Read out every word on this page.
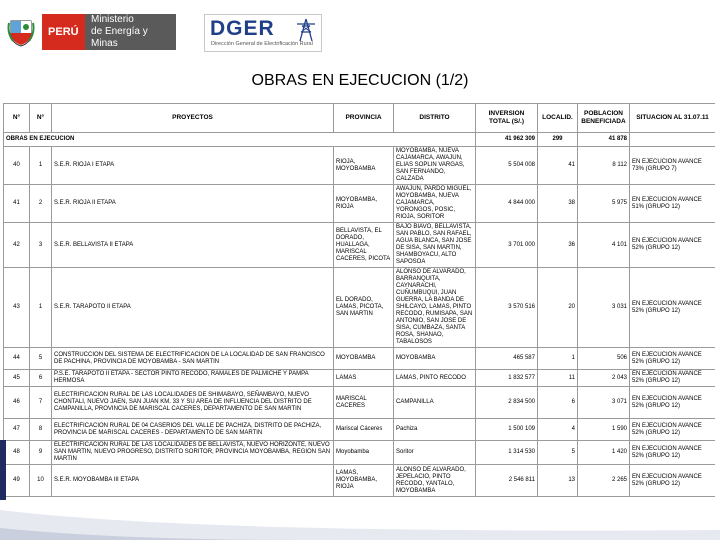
PERÚ
Ministerio
de Energía y Minas
DGER
Dirección General de Electrificación Rural
OBRAS EN EJECUCION (1/2)
N°	N°	PROYECTOS	PROVINCIA	DISTRITO	INVERSION TOTAL (S/.)	LOCALID.	POBLACION BENEFICIADA	SITUACION AL 31.07.11
OBRAS EN EJECUCION					41 962 309	299	41 878	
40	1	S.E.R. RIOJA I ETAPA	RIOJA, MOYOBAMBA	MOYOBAMBA, NUEVA CAJAMARCA, AWAJUN, ELIAS SOPLIN VARGAS, SAN FERNANDO, CALZADA	5 504 008	41	8 112	EN EJECUCION AVANCE 73% (GRUPO 7)
41	2	S.E.R. RIOJA II ETAPA	MOYOBAMBA, RIOJA	AWAJUN, PARDO MIGUEL, MOYOBAMBA, NUEVA CAJAMARCA, YORONGOS, POSIC, RIOJA, SORITOR	4 844 000	38	5 975	EN EJECUCION AVANCE 51% (GRUPO 12)
42	3	S.E.R. BELLAVISTA II ETAPA	BELLAVISTA, EL DORADO, HUALLAGA, MARISCAL CACERES, PICOTA	BAJO BIAVO, BELLAVISTA, SAN PABLO, SAN RAFAEL, AGUA BLANCA, SAN JOSE DE SISA, SAN MARTIN, SHAMBOYACU, ALTO SAPOSOA	3 701 000	36	4 101	EN EJECUCION AVANCE 52% (GRUPO 12)
43	1	S.E.R. TARAPOTO II ETAPA	EL DORADO, LAMAS, PICOTA, SAN MARTIN	ALONSO DE ALVARADO, BARRANQUITA, CAYNARACHI, CUÑUMBUQUI, JUAN GUERRA, LA BANDA DE SHILCAYO, LAMAS, PINTO RECODO, RUMISAPA, SAN ANTONIO, SAN JOSE DE SISA, CUMBAZA, SANTA ROSA, SHANAO, TABALOSOS	3 570 516	20	3 031	EN EJECUCION AVANCE 52% (GRUPO 12)
44	5	CONSTRUCCION DEL SISTEMA DE ELECTRIFICACION DE LA LOCALIDAD DE SAN FRANCISCO DE PACHINA, PROVINCIA DE MOYOBAMBA - SAN MARTIN	MOYOBAMBA	MOYOBAMBA	465 587	1	506	EN EJECUCION AVANCE 52% (GRUPO 12)
45	6	P.S.E. TARAPOTO II ETAPA - SECTOR PINTO RECODO, RAMALES DE PALMICHE Y PAMPA HERMOSA	LAMAS	LAMAS, PINTO RECODO	1 832 577	11	2 043	EN EJECUCION AVANCE 52% (GRUPO 12)
46	7	ELECTRIFICACION RURAL DE LAS LOCALIDADES DE SHIMABAYO, SEÑAMBAYO, NUEVO CHONTALI, NUEVO JAEN, SAN JUAN KM. 33 Y SU AREA DE INFLUENCIA DEL DISTRITO DE CAMPANILLA, PROVINCIA DE MARISCAL CACERES, DEPARTAMENTO DE SAN MARTIN	MARISCAL CACERES	CAMPANILLA	2 834 500	6	3 071	EN EJECUCION AVANCE 52% (GRUPO 12)
47	8	ELECTRIFICACION RURAL DE 04 CASERIOS DEL VALLE DE PACHIZA, DISTRITO DE PACHIZA, PROVINCIA DE MARISCAL CACERES - DEPARTAMENTO DE SAN MARTIN	Mariscal Cáceres	Pachiza	1 500 109	4	1 590	EN EJECUCION AVANCE 52% (GRUPO 12)
48	9	ELECTRIFICACION RURAL DE LAS LOCALIDADES DE BELLAVISTA, NUEVO HORIZONTE, NUEVO SAN MARTIN, NUEVO PROGRESO, DISTRITO SORITOR, PROVINCIA MOYOBAMBA, REGION SAN MARTIN	Moyobamba	Soritor	1 314 530	5	1 420	EN EJECUCION AVANCE 52% (GRUPO 12)
49	10	S.E.R. MOYOBAMBA III ETAPA	LAMAS, MOYOBAMBA, RIOJA	ALONSO DE ALVARADO, JEPELACIO, PINTO RECODO, YANTALO, MOYOBAMBA	2 546 811	13	2 265	EN EJECUCION AVANCE 52% (GRUPO 12)
